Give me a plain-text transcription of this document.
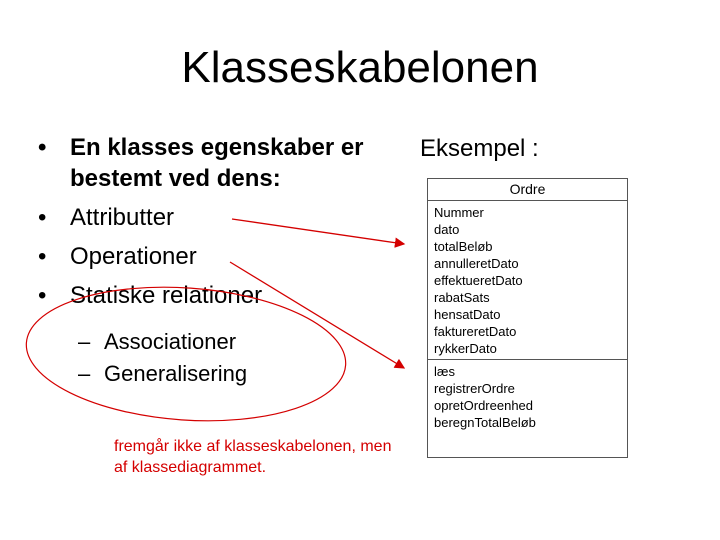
Klasseskabelonen
• En klasses egenskaber er bestemt ved dens:
• Attributter
• Operationer
• Statiske relationer
– Associationer
– Generalisering
fremgår ikke af klasseskabelonen, men af klassediagrammet.
Eksempel :
Ordre
Nummer
dato
totalBeløb
annulleretDato
effektueretDato
rabatSats
hensatDato
faktureretDato
rykkerDato
læs
registrerOrdre
opretOrdreenhed
beregnTotalBeløb
